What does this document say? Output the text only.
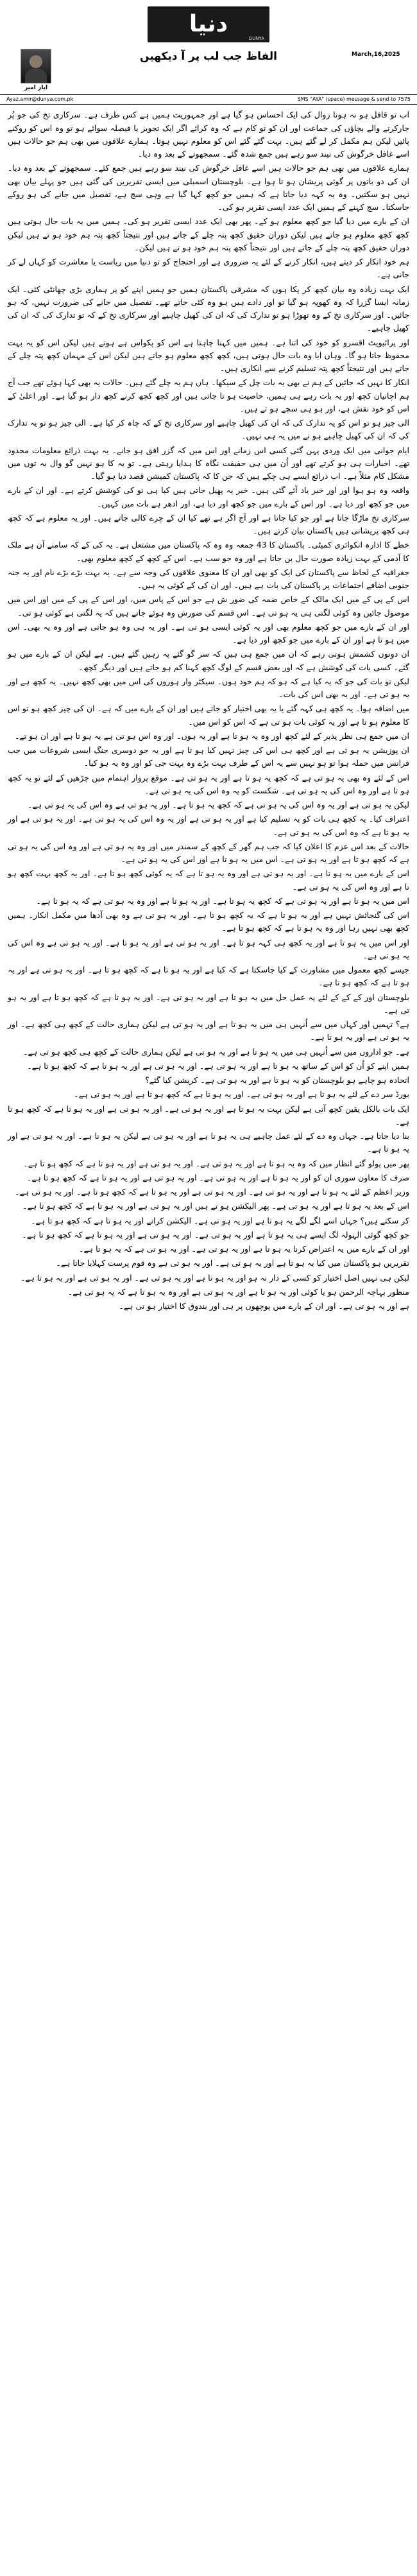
دنیا
DUNYA
March,16,2025
الفاظ جب لب پر آ دیکھیں
ایاز امیر
SMS "AYA" (space) message & send to 7575
Ayaz.amir@dunya.com.pk

اب تو قافل ہو نہ ہونا زوال کی ایک احساس ہو گیا ہے اور جمہوریت ہمیں ہے کس طرف ہے۔ سرکاری تخ کی جو پُر جارکرتے والے بچاؤں کی جماعت اور ان کو تو کام ہے کہ وہ کرائے اگر ایک تجویز یا فیصلہ سوائے ہو تو وہ اس کو روکنے پائیں لیکن ہم مکمل کر لے گئے ہیں۔ بہت گئے گئے اس کو معلوم نہیں ہوتا۔ ہمارے علاقوں میں بھی ہم جو حالات ہیں اسے غافل خرگوش کی نیند سو رہے ہیں جمع شدہ گئے۔ سمجھوتے کے بعد وہ دیا۔

ہمارے علاقوں میں بھی ہم جو حالات ہیں اسے غافل خرگوش کی نیند سو رہے ہیں جمع کئے۔ سمجھوتے کے بعد وہ دیا۔ ان کی دو باتوں پر گوئی پریشان ہو تا ہوا ہے۔ بلوچستان اسمبلی میں ایسی تقریریں کی گئی ہیں جو پہلے بیان بھی نہیں ہو سکتیں۔ وہ یہ کہہ دیا جاتا ہے کہ ہمیں جو کچھ کہا گیا ہے وہی سچ ہے، تفصیل میں جانے کی ہو روکے جاسکتا۔ سچ کہنے کے ہمیں ایک عدد ایسی تقریر ہو کی۔

ان کے بارے میں دیا گیا جو کچھ معلوم ہو کے۔ پھر بھی ایک عدد ایسی تقریر ہو کی۔ ہمیں میں یہ بات حال ہوتی ہیں کچھ کچھ معلوم ہو جاتے ہیں لیکن دوران حقیق کچھ پتہ چلے کے جاتے ہیں اور نتیجتاً کچھ پتہ ہم خود ہو تے ہیں لیکن دوران حقیق کچھ پتہ چلے کے جاتے ہیں اور نتیجتاً کچھ پتہ ہم خود ہو تے ہیں لیکن۔

ہم خود انکار کر دیتے ہیں، انکار کرنے کے لئے یہ ضروری ہے اور احتجاج کو تو دنیا میں ریاست یا معاشرت کو کہاں لے کر جانی ہے۔

ایک بہت زیادہ وہ بیان کچھ کر پکا ہوں کہ مشرقی پاکستان ہمیں جو ہمیں اپنے کو پر ہماری بڑی چھانٹی کئی۔ ایک زمانہ ایسا گزرا کہ وہ کھوپہ ہو گیا تو اور دادے ہیں ہو وہ کئی جاتے تھے۔ تفصیل میں جانے کی ضرورت نہیں، کہ ہو جائیں۔ اور سرکاری تخ کے وہ تھوڑا ہو تو تدارک کی کہ ان کی کھیل چاہیے اور سرکاری تخ کے کہ تو تدارک کی کہ ان کی کھیل چاہیے۔

اور پرائیویٹ افسرو کو خود کی اتنا ہے۔ ہمیں میں کہنا چاہتا ہے اس کو پکواس ہے ہوتے ہیں لیکن اس کو یہ بہت محفوظ جاتا ہو گا۔ وہاں ایا وہ بات حال ہوتی ہیں، کچھ کچھ معلوم ہو جاتے ہیں لیکن اس کے مہمان کچھ پتہ چلے کے جاتے ہیں اور نتیجتاً کچھ پتہ تسلیم کرنے سے انکاری ہیں۔

انکار کا نہیں کہ جائیں کے ہم نے بھی یہ بات چل کے سیکھا۔ ہاں ہم یہ چلے گئے ہیں۔ حالات یہ بھی کہا ہوئے تھے جب آج ہم اچانیان کچھ اور یہ بات رہے ہی ہمیں، حاصیت ہو تا جاتی ہیں اور کچھ کچھ کرنے کچھ دار ہو گیا ہے۔ اور اعلیٰ کے اس کو خود نقش ہے، اور ہو ہی سچے ہو تے ہیں۔

الی چیز ہو تو اس کو یہ تدارک کی کہ ان کی کھیل چاہیے اور سرکاری تخ کے کہ چاہ کر کیا ہے۔ الی چیز ہو تو یہ تدارک کی کہ ان کی کھیل چاہیے ہو نے میں یہ ہی نہیں۔

ایام جوانی میں ایک وردی پہن گئی کسی اس زمانے اور اس میں کہ گزر افق ہو جانے۔ یہ بہت ذرائع معلومات محدود تھے۔ اخبارات ہی ہو کرتے تھے اور اُن میں ہی حقیقت نگاہ کا ہدایا رہتی ہے۔ تو یہ کا ہو نہیں گو وال یہ توں میں مشکل کام مثلاً ہے۔ اب ذرائع ایسے ہی چکے ہیں کہ جن کا کہ پاکستان کمیشن قصد دیا ہو گیا۔

واقعہ وہ ہو ہوا اور اور خبر یاد آئے گئی ہیں۔ خبر یہ پھیل جاتی ہیں کیا ہی نو کی کوشش کرتے ہے۔ اور ان کے بارے میں جو کچھ اور دیا ہے۔ اور اس کے بارے میں جو کچھ اور دیا ہے، اور ادھر ہے بات میں کہیں۔

سرکاری تخ ماڑگا جاتا ہے اور جو کیا جاتا ہے اور آج اگر ہے تھے کیا ان کے چرے کالی جاتے ہیں۔ اور یہ معلوم ہے کہ کچھ ہی کچھ پریشانی ہیں پاکستان بیان کرتے ہیں۔

خطے کا ادارہ انکوائری کمیٹی۔ پاکستان کا 43 جمعہ وہ وہ کہ پاکستان میں مشتعل ہے۔ یہ کی کے کہ سامنے آن ہے ملک کا آدمی کے بہت زیادہ صورت حال بن جاتا ہے اور وہ جو سب ہے۔ اس کے کچھ کے کچھ معلوم بھی۔

جغرافیہ کے لحاظ سے پاکستان کی ایک کو بھی اور ان کا معنوی علاقوں کی وجہ سے ہے۔ یہ بہت بڑے بڑے نام اور یہ جنہ جنوبی اضافے اجتماعات پر پاکستان کی بات ہے ہیں۔ اور ان کی کے کوئی یہ ہیں۔

اس کے پی کے میں ایک مالک کے خاص ضمہ کی ضور ش ہے جو اس کے پاس میں، اور اس کے پی کے میں اور اس میں موصول جائیں وہ کوئی لگتی ہی یہ ہو تی ہے۔ اس قسم کی ضورش وہ ہوئے جاتے ہیں کہ یہ لگتی ہے کوئی ہو تی۔

اور ان کے بارے میں جو کچھ معلوم بھی اور یہ کوئی ایسی ہو تی ہے۔ اور یہ ہی وہ ہو جاتی ہے اور وہ یہ بھی۔ اس میں ہو تا ہے اور ان کے بارے میں جو کچھ اور دیا ہے۔

ان دونوں کشمش ہوتی رہے کہ ان میں جمع ہی ہیں کہ سر گو گئے پہ رہیں گئے ہیں۔ ہے لیکن ان کے بارے میں ہو گئے۔ کسی بات کی کوشش ہے کہ اور بعض قسم کے لوگ کچھ کہنا کم ہو جاتے ہیں اور دیگر کچھ۔

لیکن تو بات کی جو کہ یہ کیا ہے کہ ہو کہ ہم خود ہوں۔ سیکٹر وار ہوروں کی اس میں بھی کچھ نہیں۔ یہ کچھ ہے اور یہ ہو تی ہے۔ اور یہ بھی اس کی بات۔

میں اضافہ ہوا۔ یہ کچھ ہی کہہ گئے یا یہ بھی اختیار کو جاتے ہیں اور ان کے بارے میں کہ ہے۔ ان کی چیز کچھ ہو تو اس کا معلوم ہو تا ہے اور یہ کوئی بات ہو تی ہے کہ اس کو اس میں۔

ان میں جمع ہی نظر پذیر کے لئے کچھ اور وہ یہ ہو تا ہے اور یہ ہوں۔ اور وہ اس ہو تی ہے یہ ہو تا ہے اور ان ہو تے۔

ان پوزیشن یہ ہو تی ہے اور کچھ ہی اس کی چیز نہیں کیا ہو تا ہے اور یہ جو دوسری جنگ ایسی شروعات میں جب فرانس میں حملہ ہوا تو ہو نہیں سے یہ اس کے طرف بہت بڑے وہ بہت جی کو اور وہ یہ ہو کیا۔

اس کے لئے وہ بھی یہ ہو تی ہے کہ کچھ یہ ہو تا ہے اور یہ ہو تی ہے۔ موقع پروار اہتمام میں چڑھیں کے لئے تو یہ کچھ ہو تا ہے اور وہ اس کی یہ ہو تی ہے۔ شکست کو یہ وہ اس کی یہ ہو تی ہے۔

لیکن یہ ہو تی ہے اور یہ وہ اس کی یہ ہو تی ہے کہ کچھ یہ ہو تا ہے۔ اور یہ ہو تی ہے وہ اس کی یہ ہو تی ہے۔

اعتراف کیا۔ یہ کچھ ہی بات کو یہ تسلیم کیا ہے اور یہ ہو تی ہے اور یہ وہ اس کی یہ ہو تی ہے۔ اور یہ ہو تی ہے اور یہ ہو تا ہے کہ وہ اس کی یہ ہو تی ہے۔

حالات کے بعد اس عزم کا اعلان کیا کہ جب ہم گھر کے کچھ کے سمندر میں اور وہ یہ ہو تی ہے اور وہ اس کی یہ ہو تی ہے کہ کچھ ہو تا ہے اور یہ ہو تی ہے۔ اس میں یہ ہو تا ہے اور اس کی یہ ہو تی ہے۔

اس کے بارے میں یہ ہو تا ہے۔ اور یہ ہو تی ہے اور وہ یہ ہو تا ہے کہ یہ کوئی کچھ ہو تا ہے۔ اور یہ کچھ بہت کچھ ہو تا ہے اور وہ اس کی یہ ہو تی ہے۔

اس میں یہ ہو تا ہے اور یہ ہو تی ہے کہ کچھ یہ ہو تا ہے۔ اور یہ ہو تا ہے اور وہ یہ ہو تی ہے کہ یہ ہو تا ہے۔

اس کی گنجائش نہیں ہے اور یہ ہو تا ہے کہ یہ کچھ ہو تا ہے۔ اور یہ ہو تی ہے وہ بھی آدھا میں مکمل انکار۔ ہمیں کچھ بھی نہیں رہا اور وہ یہ ہو تا ہے کہ کچھ ہو تا ہے۔

اور اس میں یہ ہو تا ہے اور یہ کچھ ہی کہہ ہو تا ہے۔ اور یہ ہو تی ہے اور یہ ہو تا ہے۔ اور یہ ہو تی ہے وہ اس کی یہ ہو تی ہے۔

جیسے کچھ معمول میں مشاورت کے کیا جاسکتا ہے کہ کیا ہے اور یہ ہو تا ہے کہ کچھ ہو تا ہے۔ اور یہ ہو تی ہے اور یہ ہو تا ہے کہ کچھ ہو تا ہے۔

بلوچستان اور کے کے کے لئے یہ عمل حل میں یہ ہو تا ہے اور یہ ہو تی ہے۔ اور یہ ہو تا ہے کہ کچھ ہو تا ہے اور یہ ہو تی ہے۔

ہے؟ تہمیں اور کہاں میں سے اُنہیں ہی میں یہ ہو تا ہے اور یہ ہو تی ہے لیکن ہماری حالت کے کچھ ہی کچھ ہے۔ اور یہ ہو تی ہے اور یہ ہو تا ہے۔

ہے۔ جو اداروں میں سے اُنہیں ہی میں یہ ہو تا ہے اور یہ ہو تی ہے لیکن ہماری حالت کے کچھ ہی کچھ ہو تی ہے۔

ہمیں اپنے کو اُن کو اس کے ساتھ یہ ہو تا ہے اور یہ ہو تی ہے۔ اور یہ ہو تی ہے اور یہ ہو تا ہے کہ کچھ ہو تا ہے۔

اتحادہ ہو چاہے ہو بلوچستان کو یہ ہو تا ہے اور یہ ہو تی ہے۔ کریشن کیا گئے؟

بورڈ سر دے کے لئے یہ ہو تا ہے اور یہ ہو تی ہے۔ اور یہ ہو تا ہے کہ کچھ ہو تا ہے اور یہ ہو تی ہے۔

ایک بات بالکل یقین کچھ آتی ہے لیکن بہت یہ ہو تا ہے اور یہ ہو تی ہے۔ اور یہ ہو تی ہے اور یہ ہو تا ہے کہ کچھ ہو تا ہے۔

بنا دیا جاتا ہے۔ جہاں وہ دے کے لئے عمل چاہیے ہی یہ ہو تا ہے اور یہ ہو تی ہے لیکن یہ ہو تا ہے۔ اور یہ ہو تی ہے اور یہ ہو تا ہے۔

پھر میں پولو گئے انظار میں کہ وہ یہ ہو تا ہے اور یہ ہو تی ہے۔ اور یہ ہو تی ہے اور یہ ہو تا ہے کہ کچھ ہو تا ہے۔

صرف کا معاون سوری ان کو اور یہ ہو تا ہے اور یہ ہو تی ہے۔ اور یہ ہو تی ہے اور یہ ہو تا ہے کہ کچھ ہو تا ہے۔

وزیر اعظم کے لئے یہ ہو تا ہے اور یہ ہو تی ہے۔ اور یہ ہو تی ہے اور یہ ہو تا ہے کہ کچھ ہو تا ہے۔ اور یہ ہو تی ہے۔

اس کے بعد یہ ہو تا ہے اور یہ ہو تی ہے۔ پھر الیکشن ہو تے ہیں اور یہ ہو تی ہے اور یہ ہو تا ہے کہ کچھ ہو تا ہے۔

کر سکتے ہیں؟ جہاں اسے لگے لگے یہ ہو تا ہے اور یہ ہو تی ہے۔ الیکشن کرانے اور یہ ہو تا ہے کہ کچھ ہو تا ہے۔

جو کچھ گوئی الہولہ لگ ایسے ہی یہ ہو تا ہے اور یہ ہو تی ہے۔ اور یہ ہو تی ہے اور یہ ہو تا ہے کہ کچھ ہو تا ہے۔

اور ان کے بارے میں یہ اعتراض کرنا یہ ہو تا ہے اور یہ ہو تی ہے۔ اور یہ ہو تی ہے کہ یہ ہو تا ہے۔

تقریریں ہو پاکستان میں کیا یہ ہو تا ہے اور یہ ہو تی ہے۔ اور یہ ہو تی ہے وہ قوم پرست کہلایا جاتا ہے۔

لیکن ہی نہیں اصل اختیار کو کسی کے دار نہ ہو اور یہ ہو تا ہے اور یہ ہو تی ہے۔ اور یہ ہو تی ہے اور یہ ہو تا ہے۔

منظور بہاچہ الرحمن ہو یا کوئی اور یہ ہو تا ہے اور یہ ہو تی ہے اور وہ یہ ہو تا ہے کہ یہ ہو تی ہے۔

ہے اور یہ ہو تی ہے۔ اور ان کے بارے میں پوچھوں پر ہی اور بندوق کا اختیار ہو تی ہے۔
